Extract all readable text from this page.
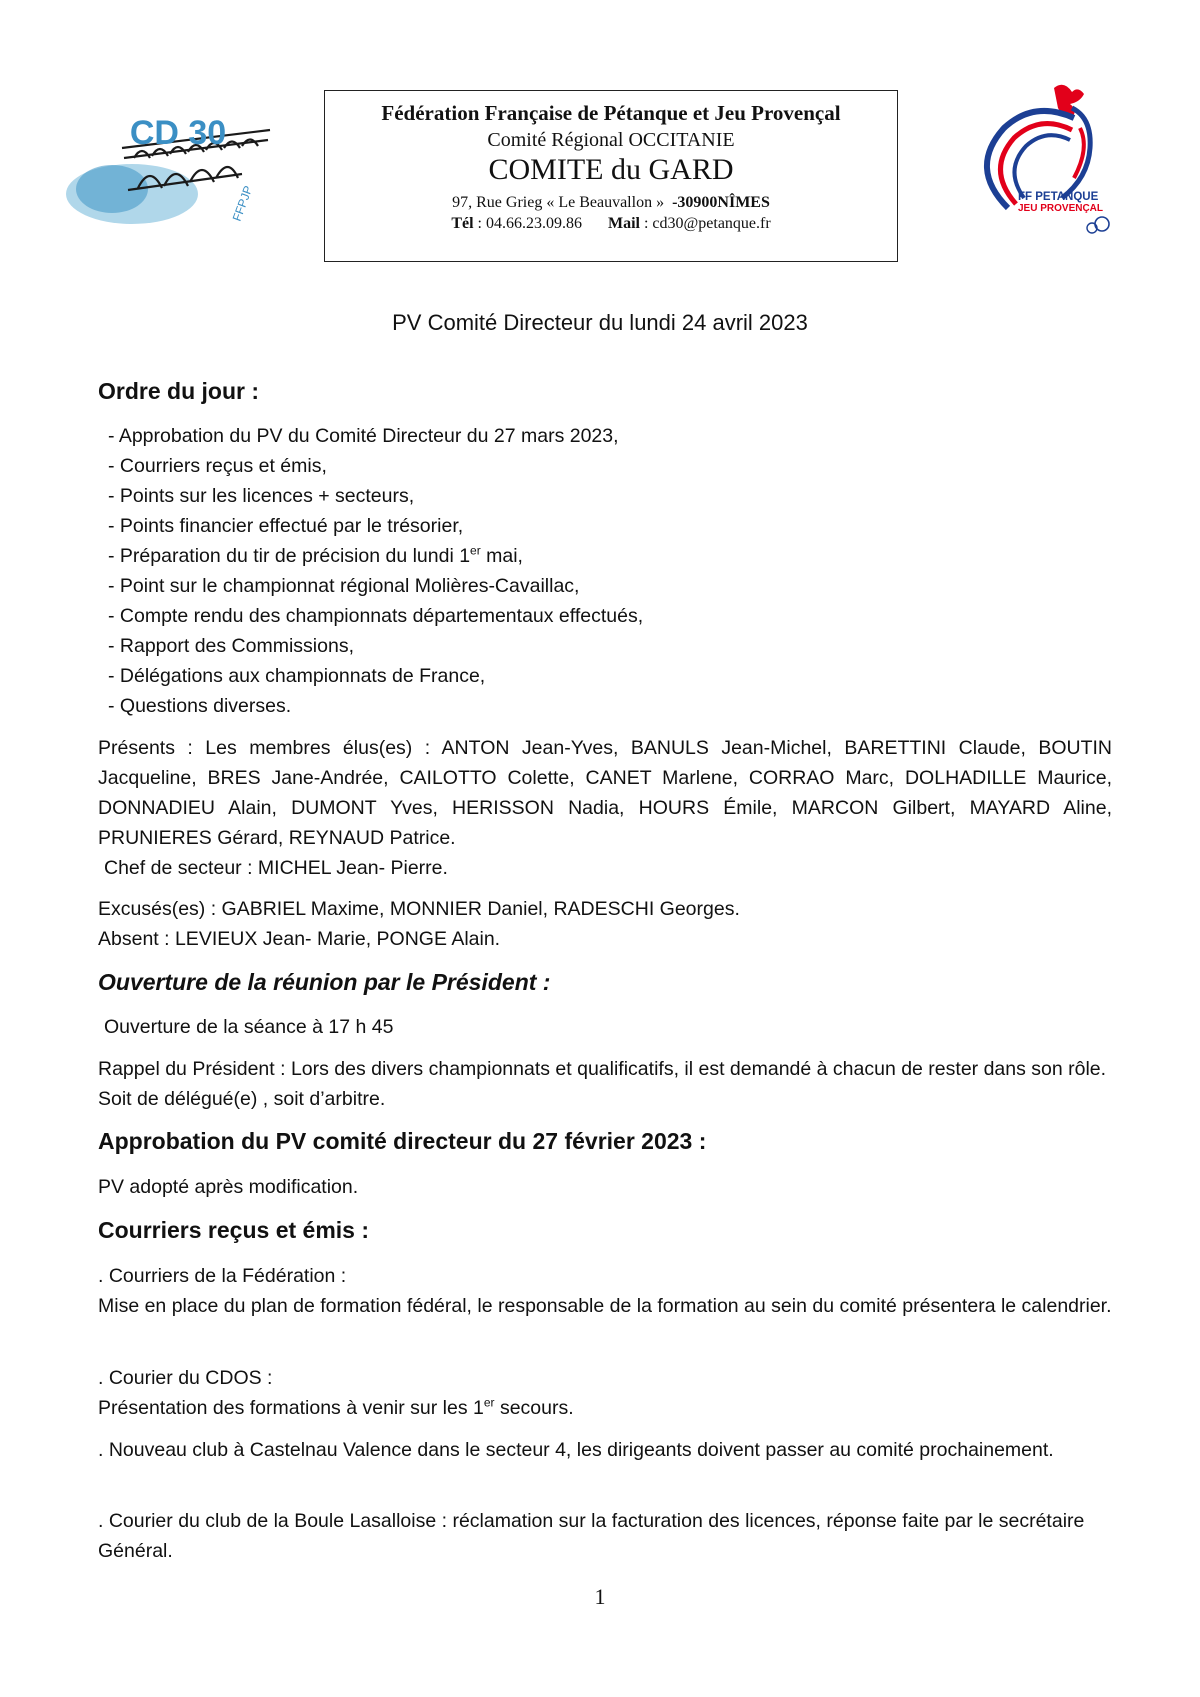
CD 30
FFPJP
Fédération Française de Pétanque et Jeu Provençal
Comité Régional OCCITANIE
COMITE du GARD
97, Rue Grieg « Le Beauvallon » -30900NÎMES
Tél : 04.66.23.09.86 Mail : cd30@petanque.fr
FF PETANQUE
JEU PROVENÇAL
PV Comité Directeur du lundi 24 avril 2023
Ordre du jour :
- Approbation du PV du Comité Directeur du 27 mars 2023,
- Courriers reçus et émis,
- Points sur les licences + secteurs,
- Points financier effectué par le trésorier,
- Préparation du tir de précision du lundi 1er mai,
- Point sur le championnat régional Molières-Cavaillac,
- Compte rendu des championnats départementaux effectués,
- Rapport des Commissions,
- Délégations aux championnats de France,
- Questions diverses.

Présents : Les membres élus(es) : ANTON Jean-Yves, BANULS Jean-Michel, BARETTINI Claude, BOUTIN Jacqueline, BRES Jane-Andrée, CAILOTTO Colette, CANET Marlene, CORRAO Marc, DOLHADILLE Maurice, DONNADIEU Alain, DUMONT Yves, HERISSON Nadia, HOURS Émile, MARCON Gilbert, MAYARD Aline, PRUNIERES Gérard, REYNAUD Patrice.

Chef de secteur : MICHEL Jean- Pierre.

Excusés(es) : GABRIEL Maxime, MONNIER Daniel, RADESCHI Georges.

Absent : LEVIEUX Jean- Marie, PONGE Alain.

Ouverture de la réunion par le Président :

Ouverture de la séance à 17 h 45

Rappel du Président : Lors des divers championnats et qualificatifs, il est demandé à chacun de rester dans son rôle. Soit de délégué(e) , soit d’arbitre.

Approbation du PV comité directeur du 27 février 2023 :

PV adopté après modification.

Courriers reçus et émis :

. Courriers de la Fédération :

Mise en place du plan de formation fédéral, le responsable de la formation au sein du comité présentera le calendrier.

. Courier du CDOS :

Présentation des formations à venir sur les 1er secours.

. Nouveau club à Castelnau Valence dans le secteur 4, les dirigeants doivent passer au comité prochainement.

. Courier du club de la Boule Lasalloise : réclamation sur la facturation des licences, réponse faite par le secrétaire Général.

1
